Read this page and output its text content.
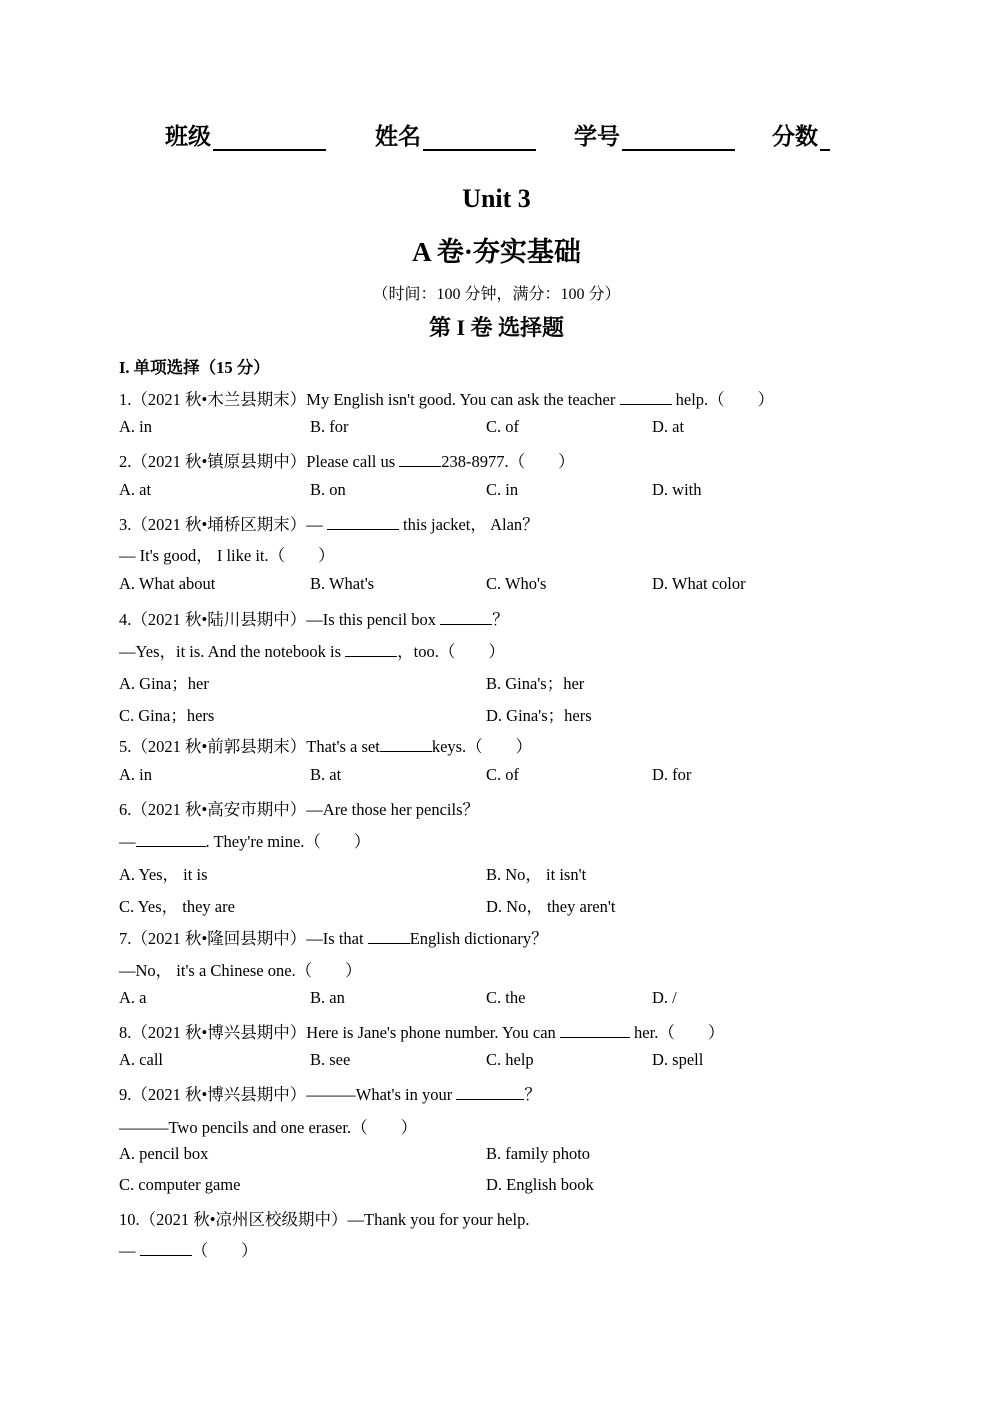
班级	姓名	学号	分数
Unit 3
A 卷·夯实基础
（时间：100 分钟，满分：100 分）
第 I 卷 选择题
I. 单项选择（15 分）
1.（2021 秋•木兰县期末）My English isn't good. You can ask the teacher	help.（　　）
A. in	B. for	C. of	D. at
2.（2021 秋•镇原县期中）Please call us	238-8977.（　　）
A. at	B. on	C. in	D. with
3.（2021 秋•埇桥区期末）—	this jacket， Alan？
— It's good， I like it.（　　）
A. What about	B. What's	C. Who's	D. What color
4.（2021 秋•陆川县期中）—Is this pencil box	？
—Yes，it is. And the notebook is	，too.（　　）
A. Gina；her	B. Gina's；her
C. Gina；hers	D. Gina's；hers
5.（2021 秋•前郭县期末）That's a set	keys.（　　）
A. in	B. at	C. of	D. for
6.（2021 秋•高安市期中）—Are those her pencils？
—	. They're mine.（　　）
A. Yes， it is	B. No， it isn't
C. Yes， they are	D. No， they aren't
7.（2021 秋•隆回县期中）—Is that	English dictionary？
—No， it's a Chinese one.（　　）
A. a	B. an	C. the	D. /
8.（2021 秋•博兴县期中）Here is Jane's phone number. You can	her.（　　）
A. call	B. see	C. help	D. spell
9.（2021 秋•博兴县期中）———What's in your	？
———Two pencils and one eraser.（　　）
A. pencil box	B. family photo
C. computer game	D. English book
10.（2021 秋•凉州区校级期中）—Thank you for your help.
—	（　　）
